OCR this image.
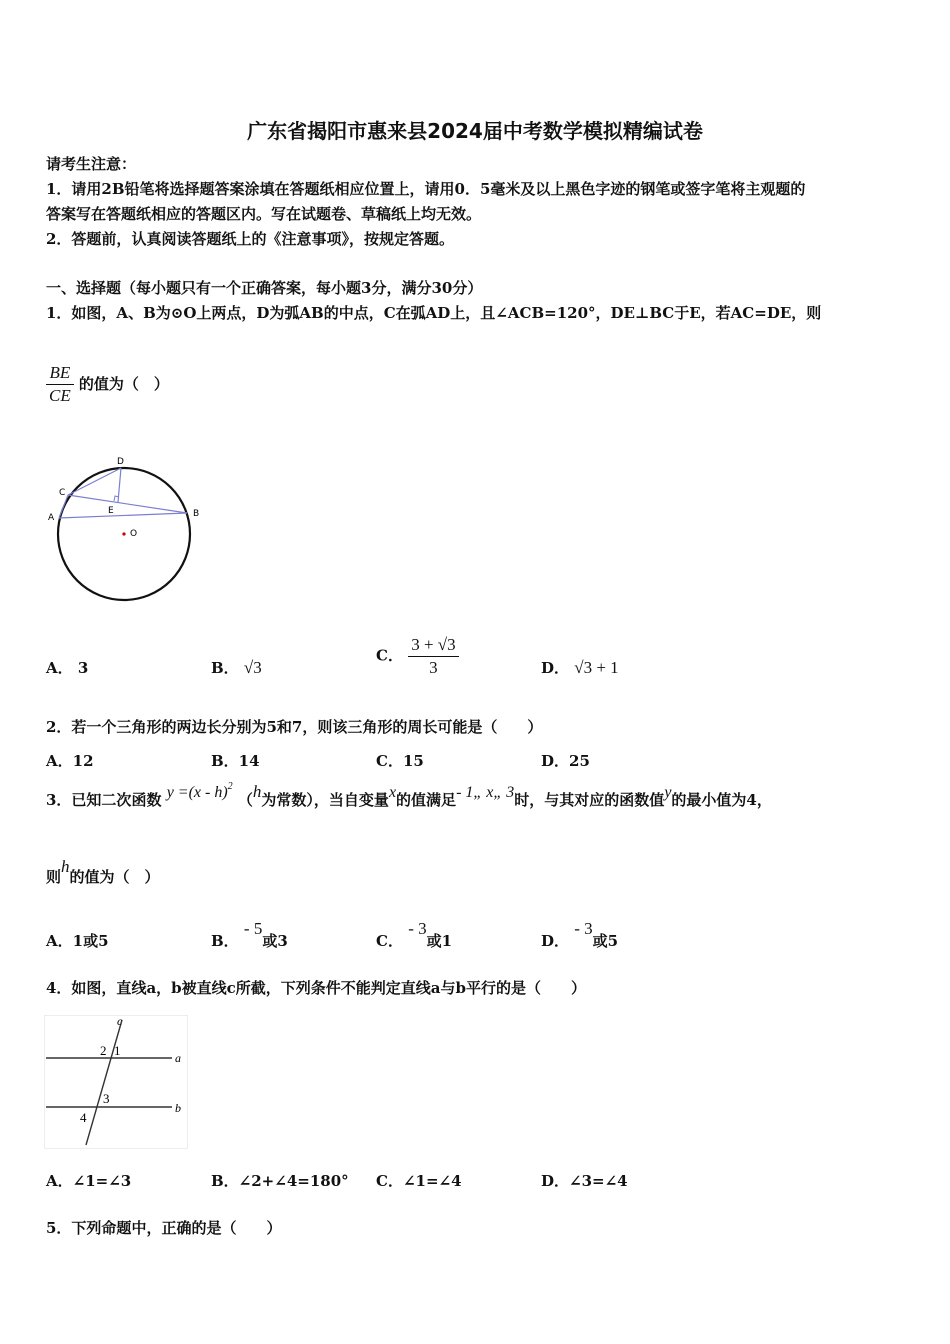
广东省揭阳市惠来县2024届中考数学模拟精编试卷
请考生注意：
1．请用2B铅笔将选择题答案涂填在答题纸相应位置上，请用0．5毫米及以上黑色字迹的钢笔或签字笔将主观题的
答案写在答题纸相应的答题区内。写在试题卷、草稿纸上均无效。
2．答题前，认真阅读答题纸上的《注意事项》，按规定答题。
一、选择题（每小题只有一个正确答案，每小题3分，满分30分）
1．如图，A、B为⊙O上两点，D为弧AB的中点，C在弧AD上，且∠ACB=120°，DE⊥BC于E，若AC=DE，则
$\frac{BE}{CE}$ 的值为（　）
A	B
C
D
E
O
A． 3	B． √3
C． $\frac{3 + √3}{3}$	D． √3 + 1
2．若一个三角形的两边长分别为5和7，则该三角形的周长可能是（　　）
A．12	B．14	C．15	D．25
3．已知二次函数 y =(x - h)$^2$ （h为常数），当自变量x的值满足- 1„ x„ 3时，与其对应的函数值y的最小值为4，
则h的值为（　）
A．1或5	B． - 5或3	C． - 3或1	D． - 3或5
4．如图，直线a，b被直线c所截，下列条件不能判定直线a与b平行的是（　　）
c
a
b
2 1
3
4
A．∠1=∠3	B．∠2+∠4=180° C．∠1=∠4	D．∠3=∠4
5．下列命题中，正确的是（　　）
